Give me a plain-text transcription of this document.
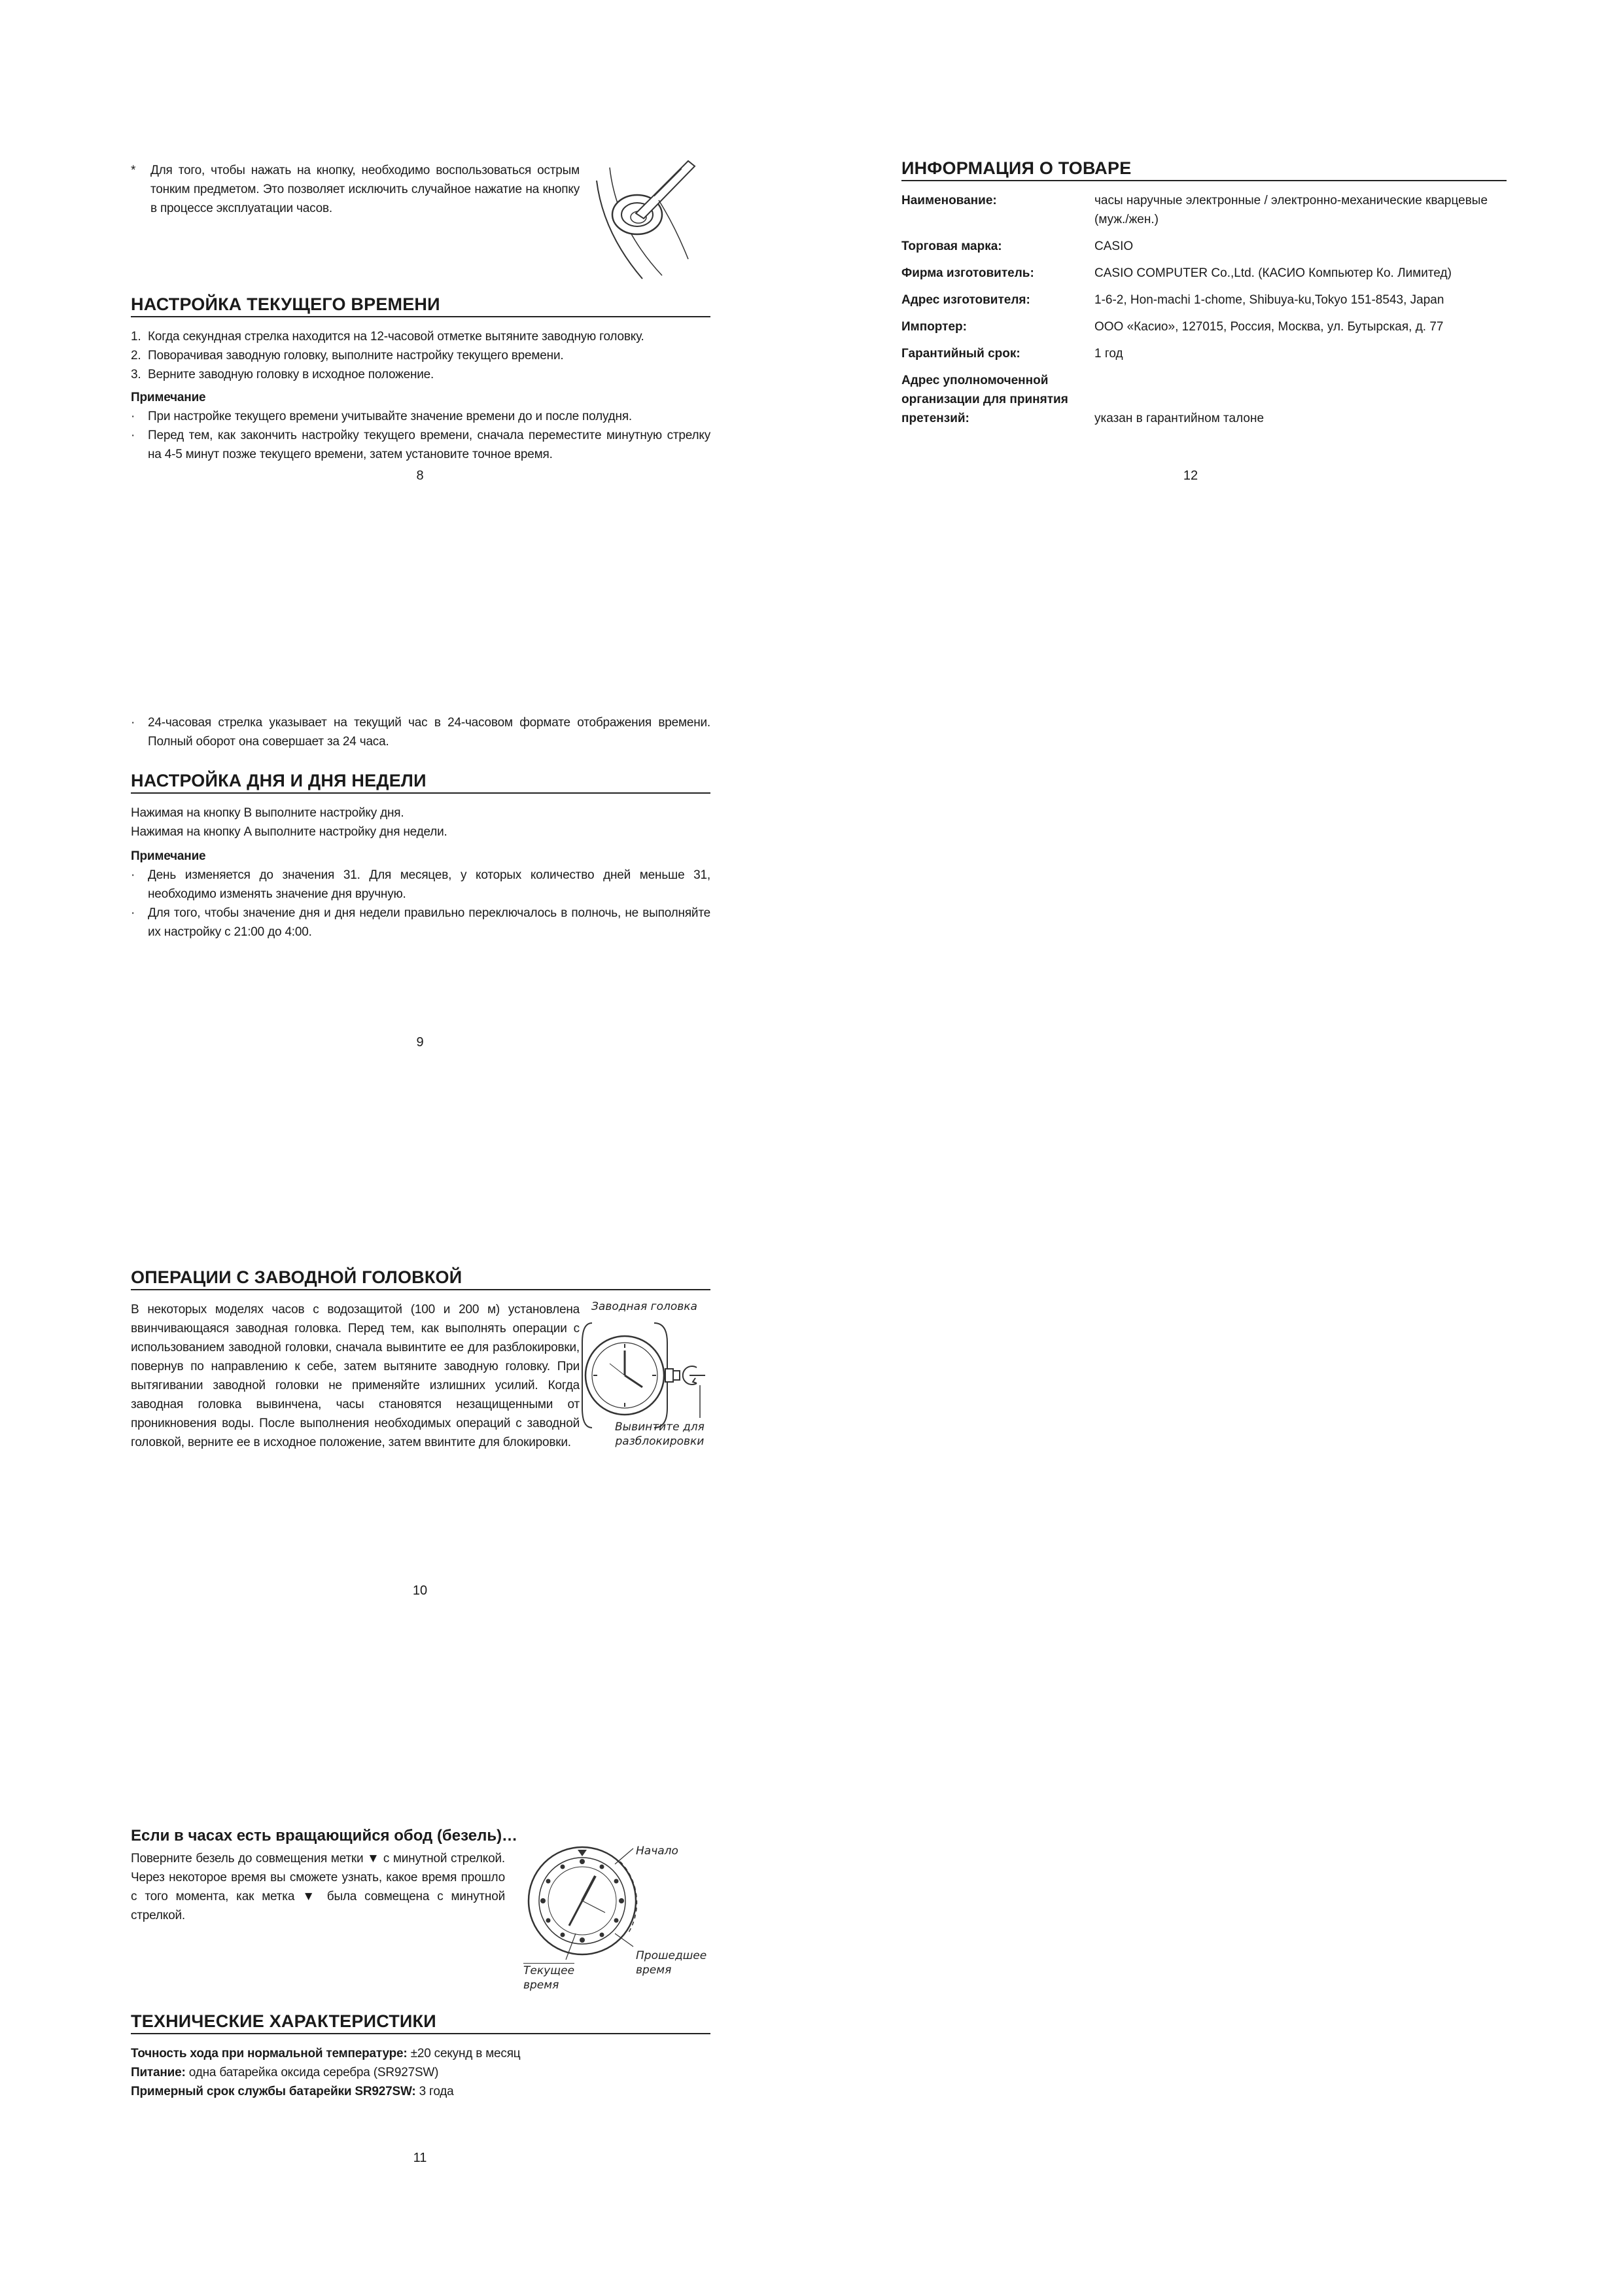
*	Для того, чтобы нажать на кнопку, необходимо воспользоваться острым тонким предметом. Это позволяет исключить случайное нажатие на кнопку в процессе эксплуатации часов.
НАСТРОЙКА ТЕКУЩЕГО ВРЕМЕНИ
1. Когда секундная стрелка находится на 12-часовой отметке вытяните заводную головку.
2. Поворачивая заводную головку, выполните настройку текущего времени.
3. Верните заводную головку в исходное положение.
Примечание
· При настройке текущего времени учитывайте значение времени до и после полудня.
· Перед тем, как закончить настройку текущего времени, сначала переместите минутную стрелку на 4-5 минут позже текущего времени, затем установите точное время.
8
· 24-часовая стрелка указывает на текущий час в 24-часовом формате отображения времени. Полный оборот она совершает за 24 часа.
НАСТРОЙКА ДНЯ И ДНЯ НЕДЕЛИ
Нажимая на кнопку B выполните настройку дня.
Нажимая на кнопку A выполните настройку дня недели.
Примечание
· День изменяется до значения 31. Для месяцев, у которых количество дней меньше 31, необходимо изменять значение дня вручную.
· Для того, чтобы значение дня и дня недели правильно переключалось в полночь, не выполняйте их настройку с 21:00 до 4:00.
9
ОПЕРАЦИИ С ЗАВОДНОЙ ГОЛОВКОЙ
В некоторых моделях часов с водозащитой (100 и 200 м) установлена ввинчивающаяся заводная головка. Перед тем, как выполнять операции с использованием заводной головки, сначала вывинтите ее для разблокировки, повернув по направлению к себе, затем вытяните заводную головку. При вытягивании заводной головки не применяйте излишних усилий. Когда заводная головка вывинчена, часы становятся незащищенными от проникновения воды. После выполнения необходимых операций с заводной головкой, верните ее в исходное положение, затем ввинтите для блокировки.
Заводная головка
Вывинтите для
разблокировки
10
Если в часах есть вращающийся обод (безель)…
Поверните безель до совмещения метки ▼ с минутной стрелкой. Через некоторое время вы сможете узнать, какое время прошло с того момента, как метка ▼ была совмещена с минутной стрелкой.
Начало
Прошедшее
время
Текущее
время
ТЕХНИЧЕСКИЕ ХАРАКТЕРИСТИКИ
Точность хода при нормальной температуре: ±20 секунд в месяц
Питание: одна батарейка оксида серебра (SR927SW)
Примерный срок службы батарейки SR927SW: 3 года
11
ИНФОРМАЦИЯ О ТОВАРЕ
Наименование:	часы наручные электронные / электронно-механические кварцевые (муж./жен.)
Торговая марка:	CASIO
Фирма изготовитель:	CASIO COMPUTER Co.,Ltd. (КАСИО Компьютер Ко. Лимитед)
Адрес изготовителя:	1-6-2, Hon-machi 1-chome, Shibuya-ku,Tokyo 151-8543, Japan
Импортер:	ООО «Касио», 127015, Россия, Москва, ул. Бутырская, д. 77
Гарантийный срок:	1 год
Адрес уполномоченной
организации для принятия
претензий:	указан в гарантийном талоне
12
